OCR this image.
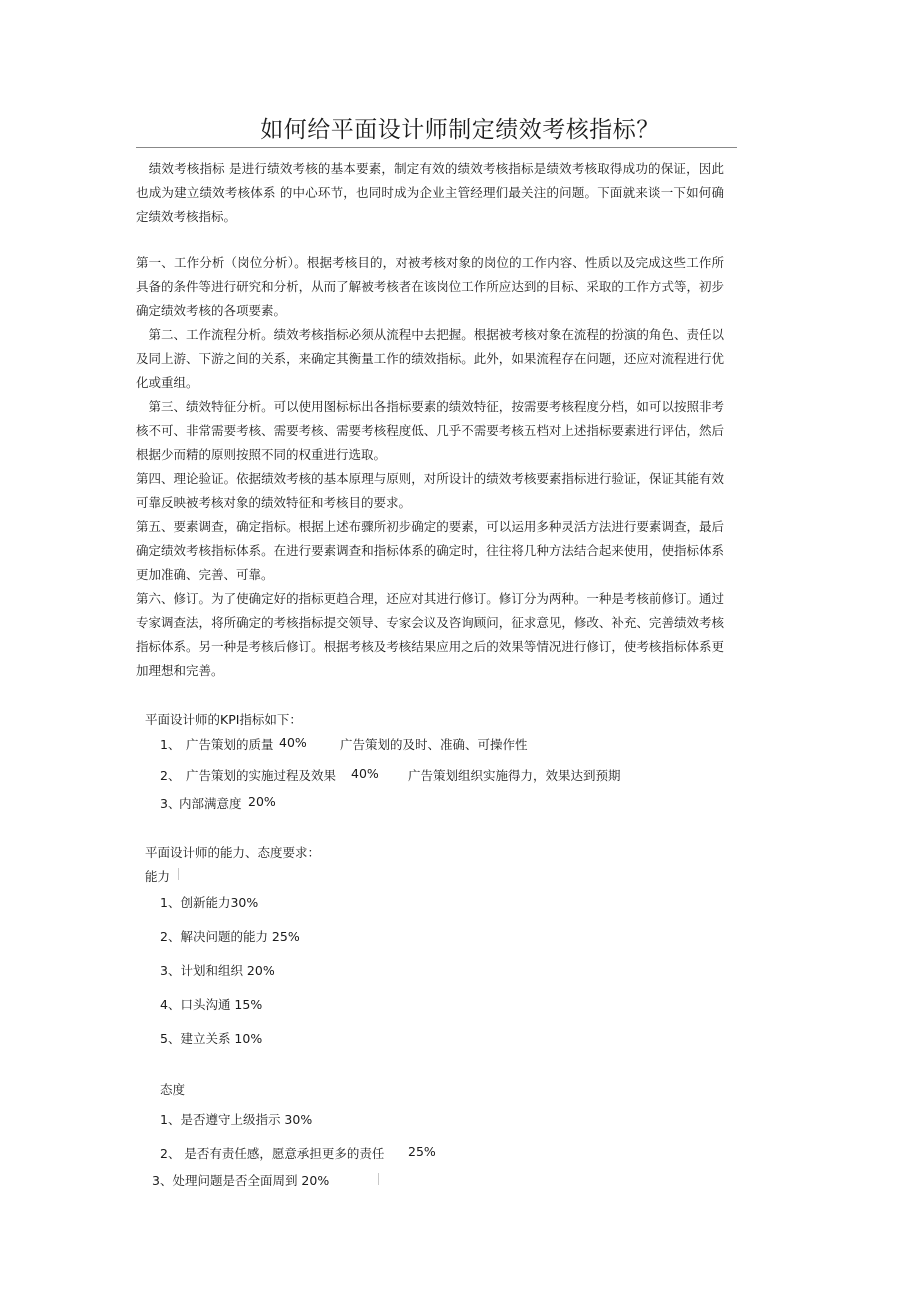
如何给平面设计师制定绩效考核指标？
　绩效考核指标 是进行绩效考核的基本要素，制定有效的绩效考核指标是绩效考核取得成功的保证，因此也成为建立绩效考核体系 的中心环节，也同时成为企业主管经理们最关注的问题。下面就来谈一下如何确定绩效考核指标。
第一、工作分析（岗位分析）。根据考核目的，对被考核对象的岗位的工作内容、性质以及完成这些工作所具备的条件等进行研究和分析，从而了解被考核者在该岗位工作所应达到的目标、采取的工作方式等，初步确定绩效考核的各项要素。
　第二、工作流程分析。绩效考核指标必须从流程中去把握。根据被考核对象在流程的扮演的角色、责任以及同上游、下游之间的关系，来确定其衡量工作的绩效指标。此外，如果流程存在问题，还应对流程进行优化或重组。
　第三、绩效特征分析。可以使用图标标出各指标要素的绩效特征，按需要考核程度分档，如可以按照非考核不可、非常需要考核、需要考核、需要考核程度低、几乎不需要考核五档对上述指标要素进行评估，然后根据少而精的原则按照不同的权重进行选取。
第四、理论验证。依据绩效考核的基本原理与原则，对所设计的绩效考核要素指标进行验证，保证其能有效可靠反映被考核对象的绩效特征和考核目的要求。
第五、要素调查，确定指标。根据上述布骤所初步确定的要素，可以运用多种灵活方法进行要素调查，最后确定绩效考核指标体系。在进行要素调查和指标体系的确定时，往往将几种方法结合起来使用，使指标体系更加准确、完善、可靠。
第六、修订。为了使确定好的指标更趋合理，还应对其进行修订。修订分为两种。一种是考核前修订。通过专家调查法，将所确定的考核指标提交领导、专家会议及咨询顾问，征求意见，修改、补充、完善绩效考核指标体系。另一种是考核后修订。根据考核及考核结果应用之后的效果等情况进行修订，使考核指标体系更加理想和完善。
平面设计师的KPI指标如下：
1、 广告策划的质量 40%	广告策划的及时、准确、可操作性
2、 广告策划的实施过程及效果 40% 广告策划组织实施得力，效果达到预期
3、
内部满意度 20%
平面设计师的能力、态度要求：
能力
1、创新能力30%
2、解决问题的能力 25%
3、计划和组织 20%
4、口头沟通 15%
5、建立关系 10%
态度
1、是否遵守上级指示 30%
2、 是否有责任感，愿意承担更多的责任 25%
3、处理问题是否全面周到 20%
